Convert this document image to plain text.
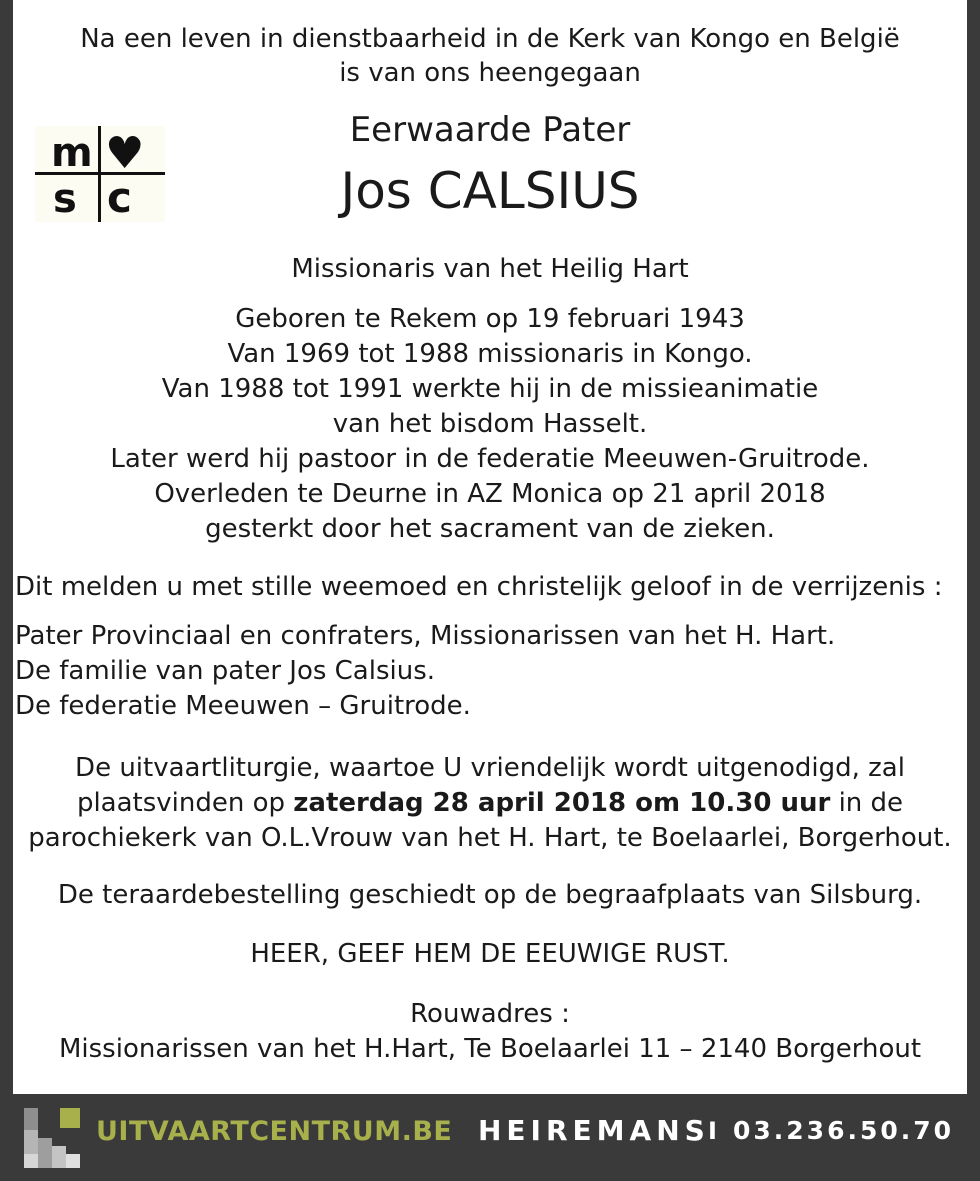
Na een leven in dienstbaarheid in de Kerk van Kongo en België
is van ons heengegaan
m ♥
s c
Eerwaarde Pater
Jos CALSIUS
Missionaris van het Heilig Hart
Geboren te Rekem op 19 februari 1943
Van 1969 tot 1988 missionaris in Kongo.
Van 1988 tot 1991 werkte hij in de missieanimatie
van het bisdom Hasselt.
Later werd hij pastoor in de federatie Meeuwen-Gruitrode.
Overleden te Deurne in AZ Monica op 21 april 2018
gesterkt door het sacrament van de zieken.
Dit melden u met stille weemoed en christelijk geloof in de verrijzenis :
Pater Provinciaal en confraters, Missionarissen van het H. Hart.
De familie van pater Jos Calsius.
De federatie Meeuwen – Gruitrode.
De uitvaartliturgie, waartoe U vriendelijk wordt uitgenodigd, zal
plaatsvinden op zaterdag 28 april 2018 om 10.30 uur in de
parochiekerk van O.L.Vrouw van het H. Hart, te Boelaarlei, Borgerhout.
De teraardebestelling geschiedt op de begraafplaats van Silsburg.
HEER, GEEF HEM DE EEUWIGE RUST.
Rouwadres :
Missionarissen van het H.Hart, Te Boelaarlei 11 – 2140 Borgerhout
UITVAARTCENTRUM.BE HEIREMANS
I 03.236.50.70
